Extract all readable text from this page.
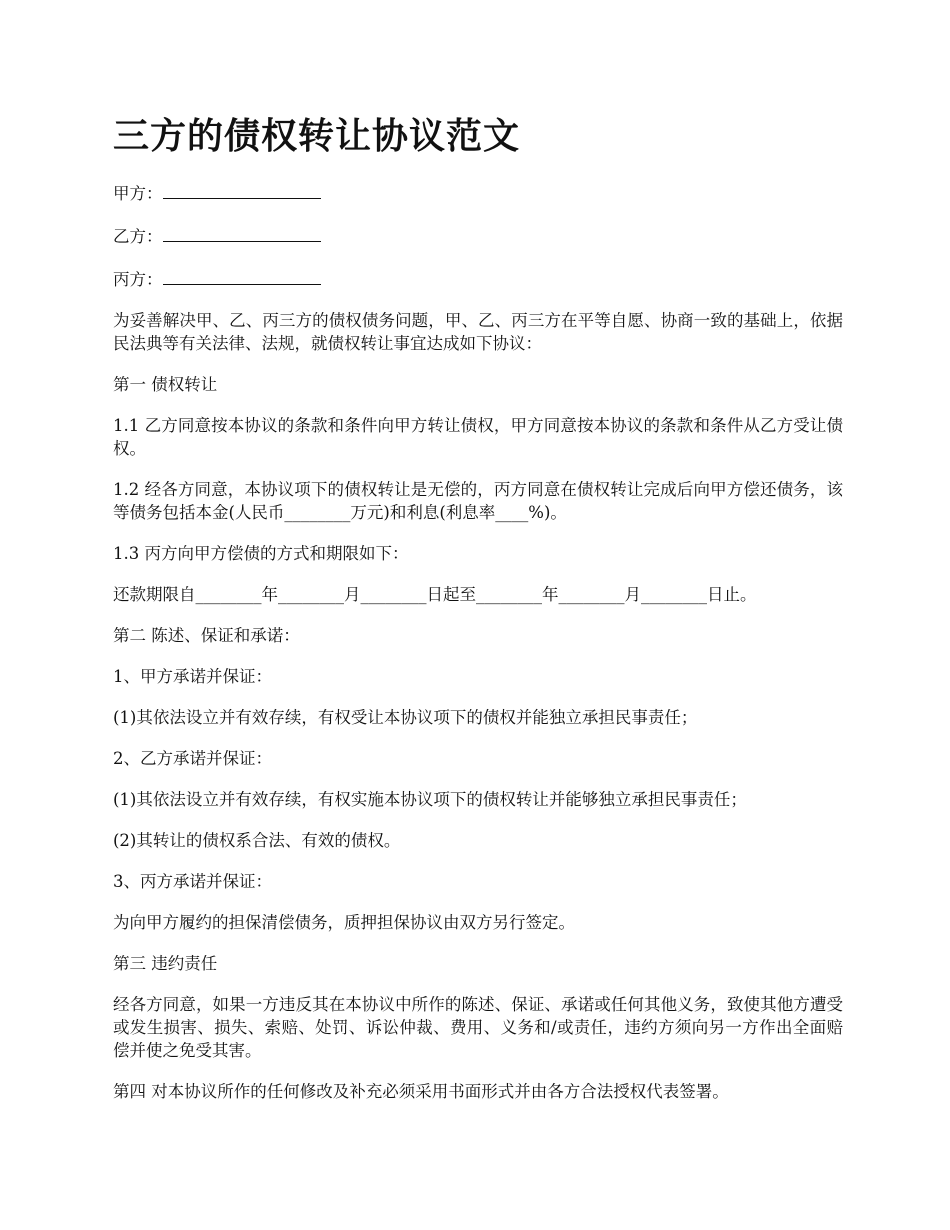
三方的债权转让协议范文
甲方：
乙方：
丙方：

为妥善解决甲、乙、丙三方的债权债务问题，甲、乙、丙三方在平等自愿、协商一致的基础上，依据民法典等有关法律、法规，就债权转让事宜达成如下协议：

第一 债权转让

1.1 乙方同意按本协议的条款和条件向甲方转让债权，甲方同意按本协议的条款和条件从乙方受让债权。

1.2 经各方同意，本协议项下的债权转让是无偿的，丙方同意在债权转让完成后向甲方偿还债务，该等债务包括本金(人民币________万元)和利息(利息率____%)。

1.3 丙方向甲方偿债的方式和期限如下：

还款期限自________年________月________日起至________年________月________日止。

第二 陈述、保证和承诺：

1、甲方承诺并保证：

(1)其依法设立并有效存续，有权受让本协议项下的债权并能独立承担民事责任；

2、乙方承诺并保证：

(1)其依法设立并有效存续，有权实施本协议项下的债权转让并能够独立承担民事责任；

(2)其转让的债权系合法、有效的债权。

3、丙方承诺并保证：

为向甲方履约的担保清偿债务，质押担保协议由双方另行签定。

第三 违约责任

经各方同意，如果一方违反其在本协议中所作的陈述、保证、承诺或任何其他义务，致使其他方遭受或发生损害、损失、索赔、处罚、诉讼仲裁、费用、义务和/或责任，违约方须向另一方作出全面赔偿并使之免受其害。

第四 对本协议所作的任何修改及补充必须采用书面形式并由各方合法授权代表签署。
